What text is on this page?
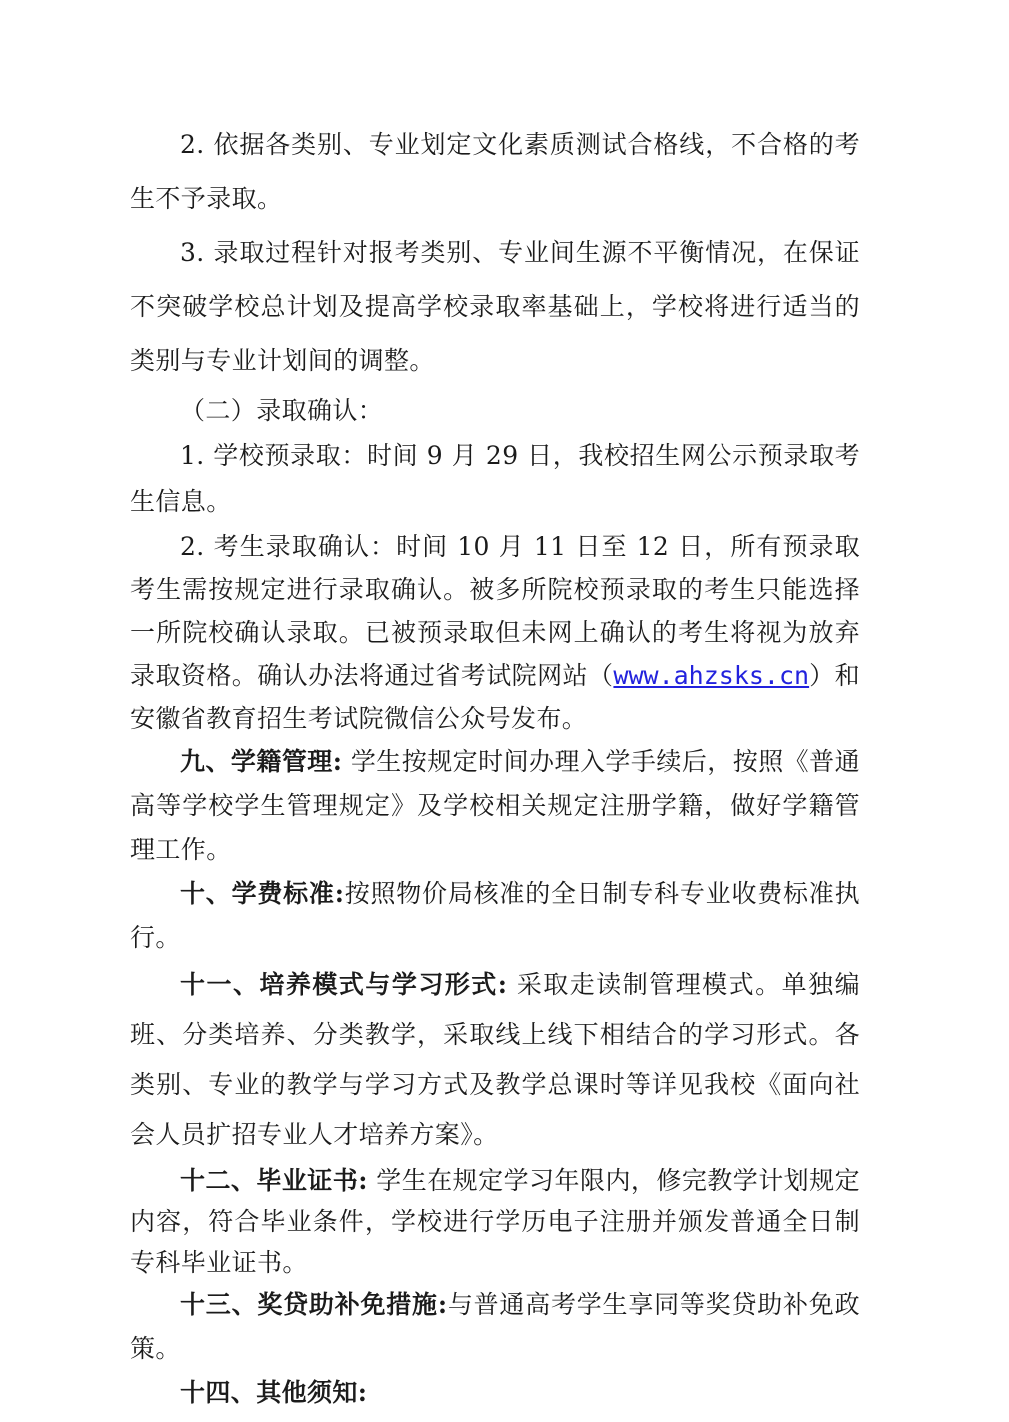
2. 依据各类别、专业划定文化素质测试合格线，不合格的考生不予录取。

3. 录取过程针对报考类别、专业间生源不平衡情况，在保证不突破学校总计划及提高学校录取率基础上，学校将进行适当的类别与专业计划间的调整。

（二）录取确认：

1. 学校预录取：时间 9 月 29 日，我校招生网公示预录取考生信息。

2. 考生录取确认：时间 10 月 11 日至 12 日，所有预录取考生需按规定进行录取确认。被多所院校预录取的考生只能选择一所院校确认录取。已被预录取但未网上确认的考生将视为放弃录取资格。确认办法将通过省考试院网站（www.ahzsks.cn）和安徽省教育招生考试院微信公众号发布。

九、学籍管理: 学生按规定时间办理入学手续后，按照《普通高等学校学生管理规定》及学校相关规定注册学籍，做好学籍管理工作。

十、学费标准:按照物价局核准的全日制专科专业收费标准执行。

十一、培养模式与学习形式: 采取走读制管理模式。单独编班、分类培养、分类教学，采取线上线下相结合的学习形式。各类别、专业的教学与学习方式及教学总课时等详见我校《面向社会人员扩招专业人才培养方案》。

十二、毕业证书: 学生在规定学习年限内，修完教学计划规定内容，符合毕业条件，学校进行学历电子注册并颁发普通全日制专科毕业证书。

十三、奖贷助补免措施:与普通高考学生享同等奖贷助补免政策。

十四、其他须知:
